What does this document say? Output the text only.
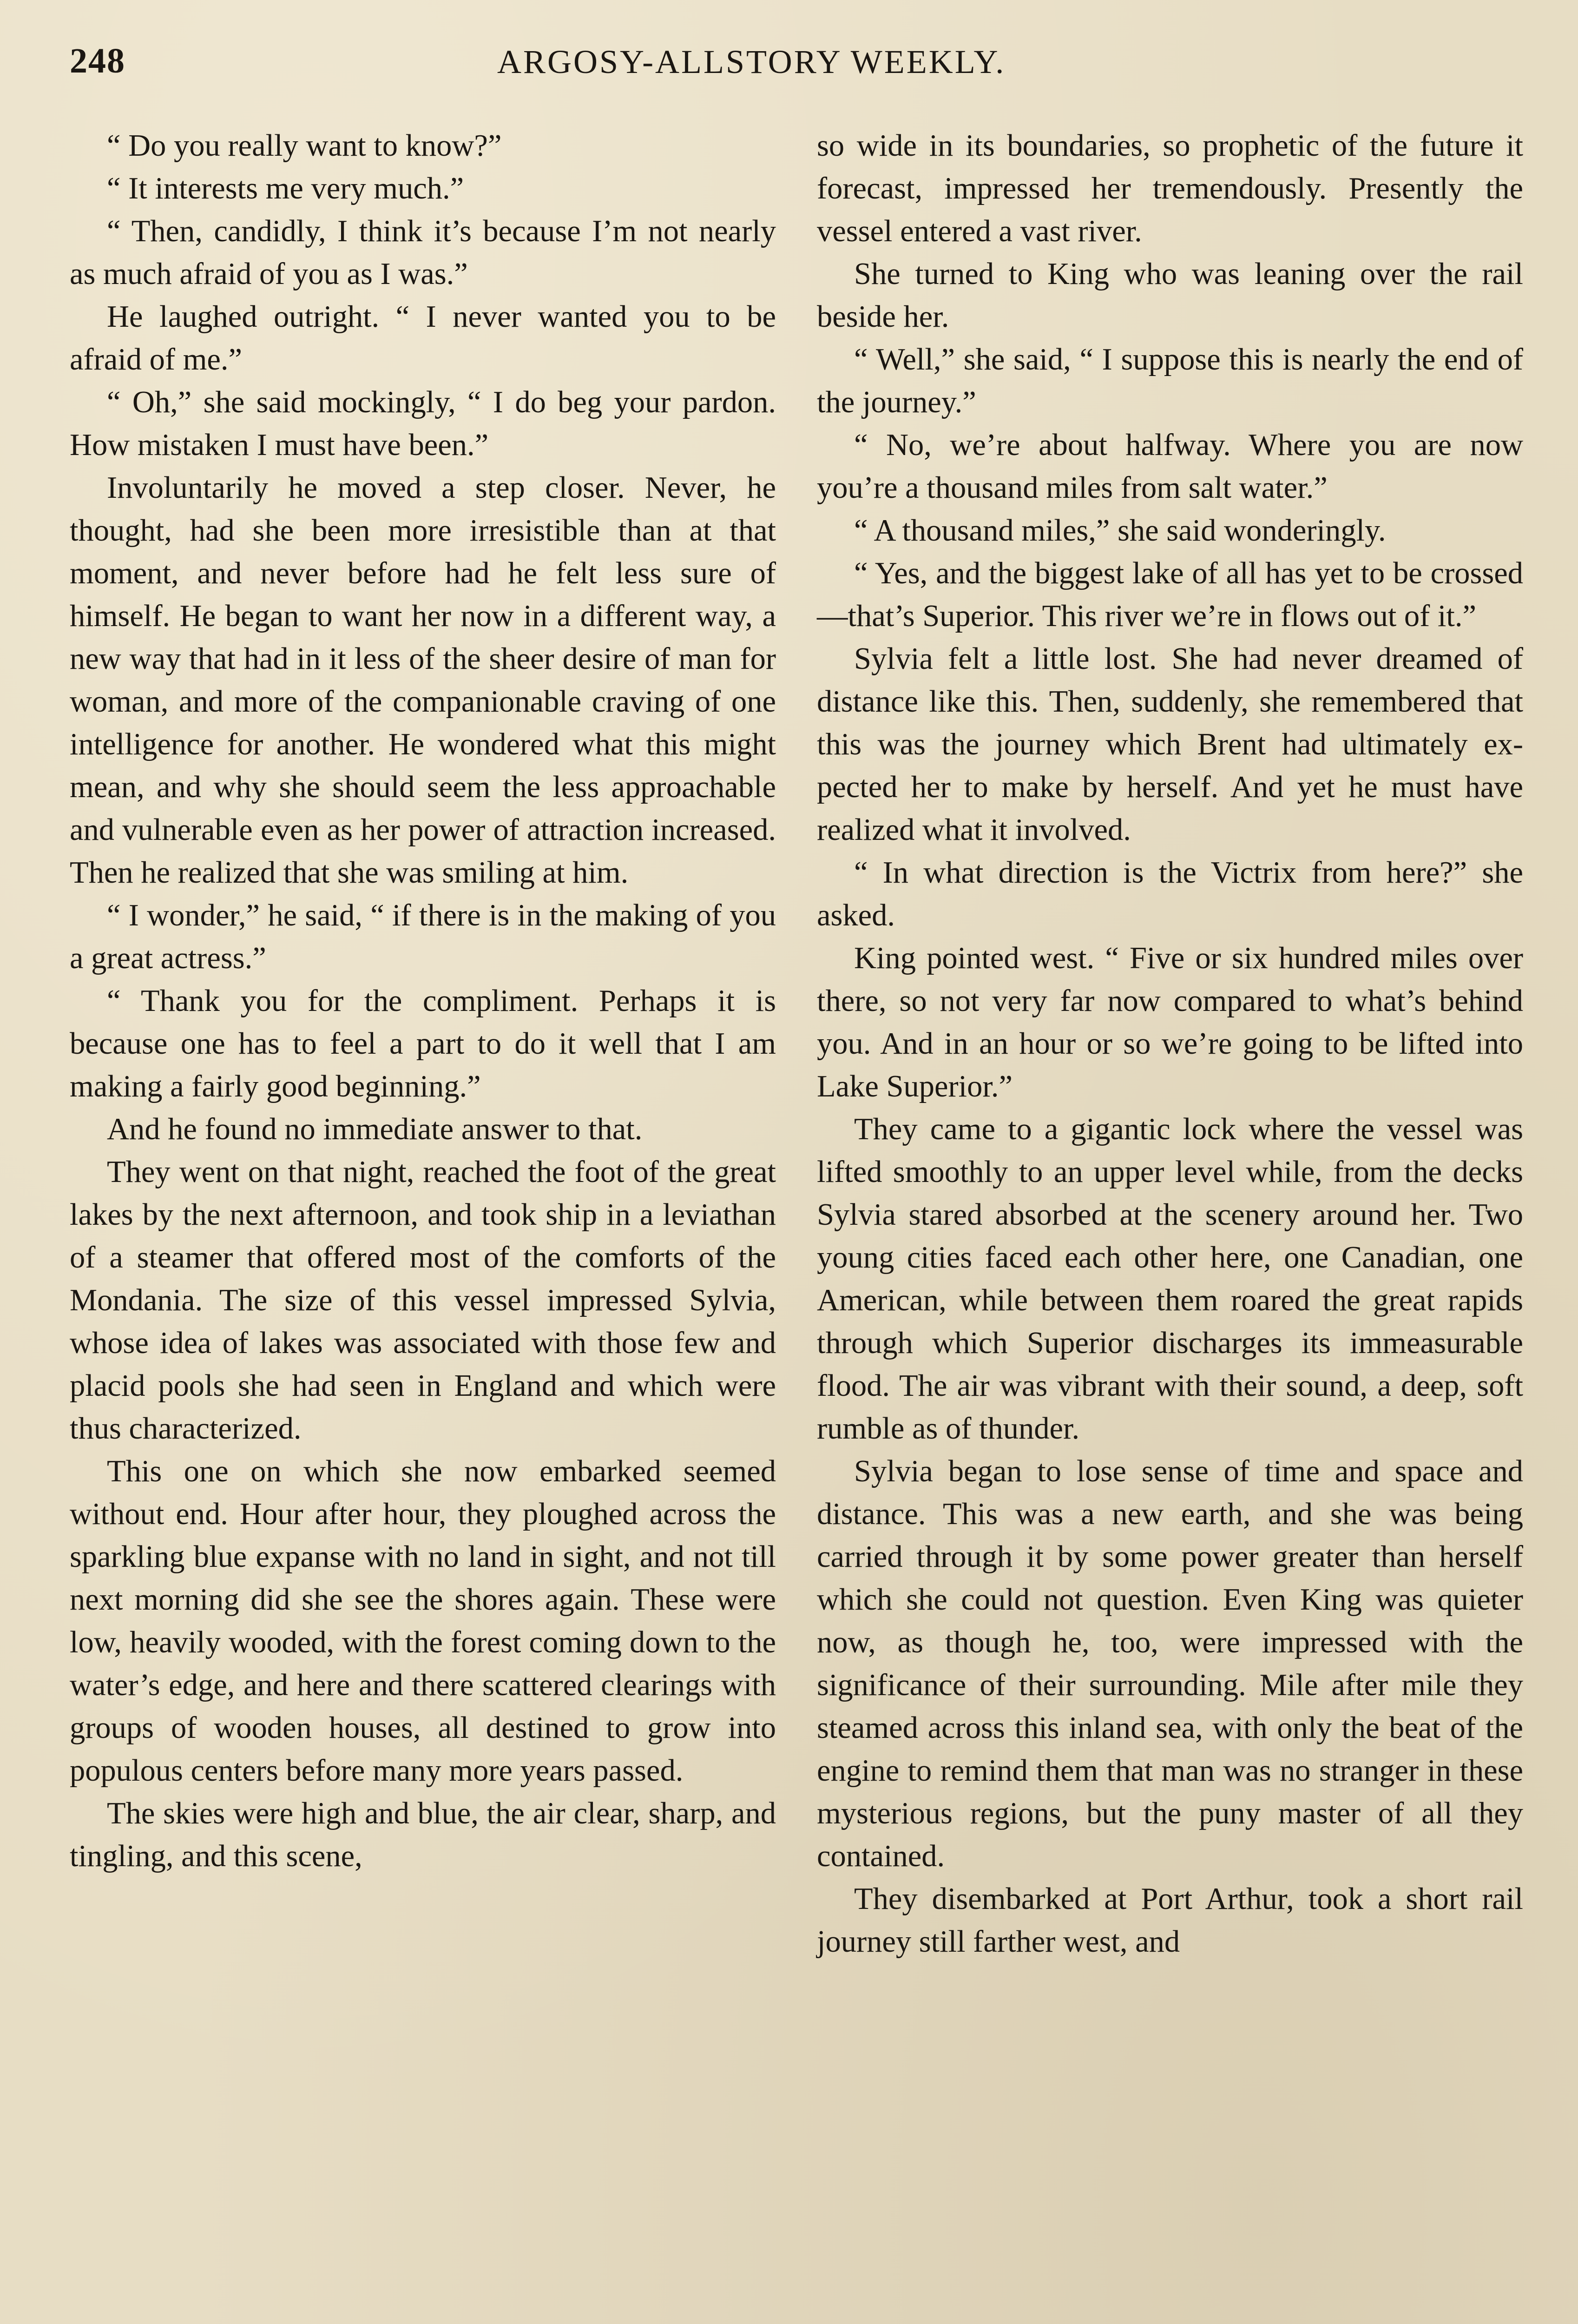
248	ARGOSY-ALLSTORY WEEKLY.

“ Do you really want to know?”

“ It interests me very much.”

“ Then, candidly, I think it’s because I’m not nearly as much afraid of you as I was.”

He laughed outright. “ I never wanted you to be afraid of me.”

“ Oh,” she said mockingly, “ I do beg your pardon. How mistaken I must have been.”

Involuntarily he moved a step closer. Never, he thought, had she been more irresistible than at that moment, and never before had he felt less sure of himself. He began to want her now in a different way, a new way that had in it less of the sheer desire of man for woman, and more of the companionable craving of one intelligence for another. He wondered what this might mean, and why she should seem the less approachable and vulnerable even as her power of attraction increased. Then he realized that she was smiling at him.

“ I wonder,” he said, “ if there is in the making of you a great actress.”

“ Thank you for the compliment. Perhaps it is because one has to feel a part to do it well that I am making a fairly good beginning.”

And he found no immediate answer to that.

They went on that night, reached the foot of the great lakes by the next afternoon, and took ship in a leviathan of a steamer that offered most of the comforts of the Mondania. The size of this vessel impressed Sylvia, whose idea of lakes was associated with those few and placid pools she had seen in England and which were thus characterized.

This one on which she now embarked seemed without end. Hour after hour, they ploughed across the sparkling blue expanse with no land in sight, and not till next morning did she see the shores again. These were low, heavily wooded, with the forest coming down to the water’s edge, and here and there scattered clearings with groups of wooden houses, all destined to grow into populous centers before many more years passed.

The skies were high and blue, the air clear, sharp, and tingling, and this scene,

so wide in its boundaries, so prophetic of the future it forecast, impressed her tremendously. Presently the vessel entered a vast river.

She turned to King who was leaning over the rail beside her.

“ Well,” she said, “ I suppose this is nearly the end of the journey.”

“ No, we’re about halfway. Where you are now you’re a thousand miles from salt water.”

“ A thousand miles,” she said wonderingly.

“ Yes, and the biggest lake of all has yet to be crossed—that’s Superior. This river we’re in flows out of it.”

Sylvia felt a little lost. She had never dreamed of distance like this. Then, suddenly, she remembered that this was the journey which Brent had ultimately expected her to make by herself. And yet he must have realized what it involved.

“ In what direction is the Victrix from here?” she asked.

King pointed west. “ Five or six hundred miles over there, so not very far now compared to what’s behind you. And in an hour or so we’re going to be lifted into Lake Superior.”

They came to a gigantic lock where the vessel was lifted smoothly to an upper level while, from the decks Sylvia stared absorbed at the scenery around her. Two young cities faced each other here, one Canadian, one American, while between them roared the great rapids through which Superior discharges its immeasurable flood. The air was vibrant with their sound, a deep, soft rumble as of thunder.

Sylvia began to lose sense of time and space and distance. This was a new earth, and she was being carried through it by some power greater than herself which she could not question. Even King was quieter now, as though he, too, were impressed with the significance of their surrounding. Mile after mile they steamed across this inland sea, with only the beat of the engine to remind them that man was no stranger in these mysterious regions, but the puny master of all they contained.

They disembarked at Port Arthur, took a short rail journey still farther west, and
